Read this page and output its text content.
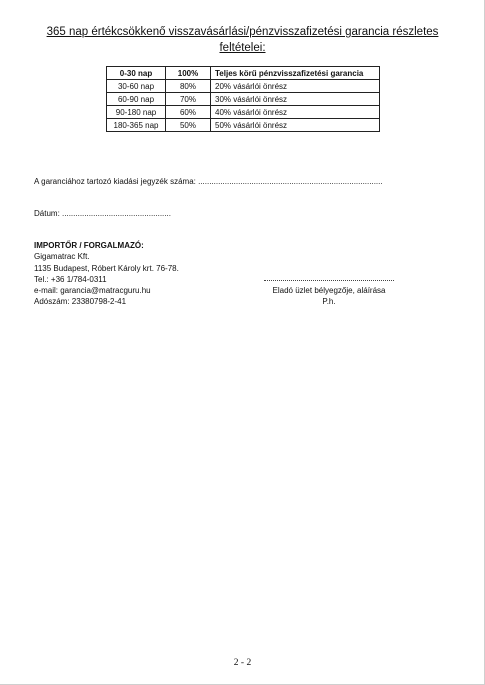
365 nap értékcsökkenő visszavásárlási/pénzvisszafizetési garancia részletes feltételei:
0-30 nap	100%	Teljes körű pénzvisszafizetési garancia
30-60 nap	80%	20% vásárlói önrész
60-90 nap	70%	30% vásárlói önrész
90-180 nap	60%	40% vásárlói önrész
180-365 nap	50%	50% vásárlói önrész
A garanciához tartozó kiadási jegyzék száma: ...................................................................................
Dátum: .................................................
IMPORTŐR / FORGALMAZÓ:
Gigamatrac Kft.
1135 Budapest, Róbert Károly krt. 76-78.
Tel.: +36 1/784-0311
e-mail: garancia@matracguru.hu
Adószám: 23380798-2-41
Eladó üzlet bélyegzője, aláírása
P.h.
2 - 2
